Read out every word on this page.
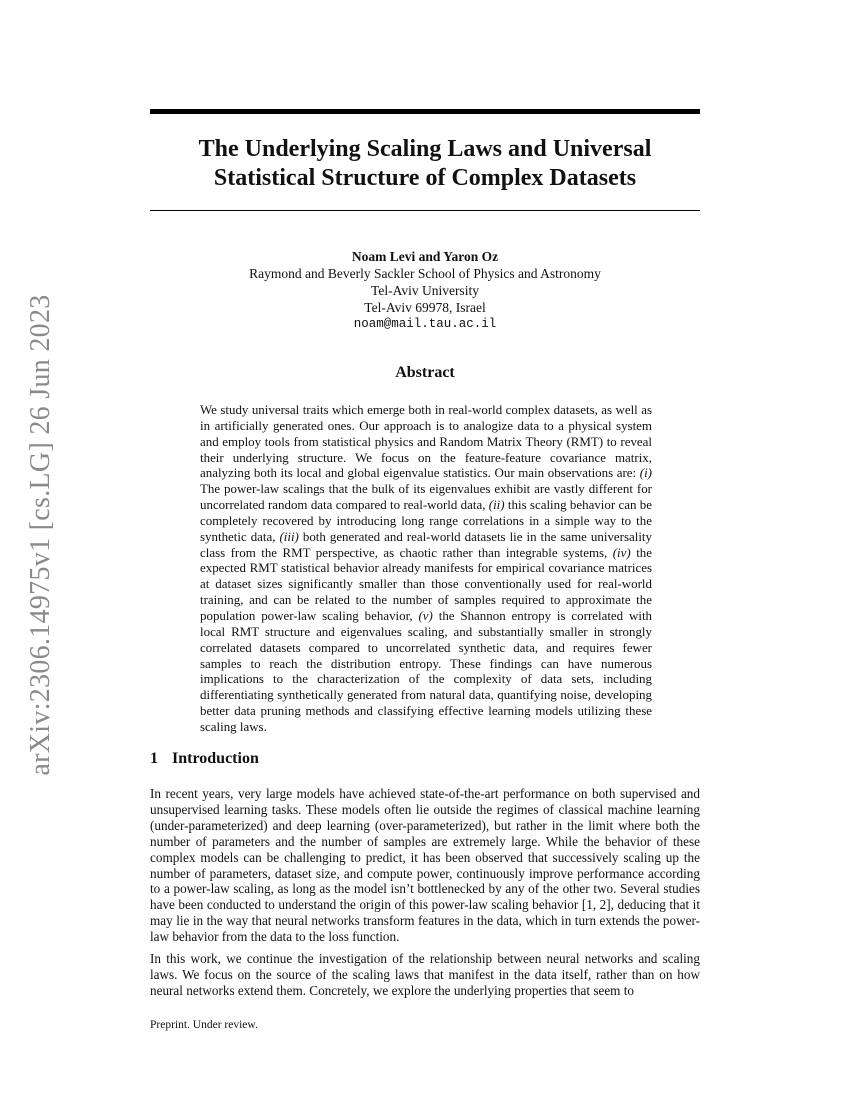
arXiv:2306.14975v1 [cs.LG] 26 Jun 2023
The Underlying Scaling Laws and Universal Statistical Structure of Complex Datasets
Noam Levi and Yaron Oz
Raymond and Beverly Sackler School of Physics and Astronomy
Tel-Aviv University
Tel-Aviv 69978, Israel
noam@mail.tau.ac.il
Abstract

We study universal traits which emerge both in real-world complex datasets, as well as in artificially generated ones. Our approach is to analogize data to a physical system and employ tools from statistical physics and Random Matrix Theory (RMT) to reveal their underlying structure. We focus on the feature-feature covariance matrix, analyzing both its local and global eigenvalue statistics. Our main observations are: (i) The power-law scalings that the bulk of its eigenvalues exhibit are vastly different for uncorrelated random data compared to real-world data, (ii) this scaling behavior can be completely recovered by introducing long range correlations in a simple way to the synthetic data, (iii) both generated and real-world datasets lie in the same universality class from the RMT perspective, as chaotic rather than integrable systems, (iv) the expected RMT statistical behavior already manifests for empirical covariance matrices at dataset sizes significantly smaller than those conventionally used for real-world training, and can be related to the number of samples required to approximate the population power-law scaling behavior, (v) the Shannon entropy is correlated with local RMT structure and eigenvalues scaling, and substantially smaller in strongly correlated datasets compared to uncorrelated synthetic data, and requires fewer samples to reach the distribution entropy. These findings can have numerous implications to the characterization of the complexity of data sets, including differentiating synthetically generated from natural data, quantifying noise, developing better data pruning methods and classifying effective learning models utilizing these scaling laws.

1 Introduction

In recent years, very large models have achieved state-of-the-art performance on both supervised and unsupervised learning tasks. These models often lie outside the regimes of classical machine learning (under-parameterized) and deep learning (over-parameterized), but rather in the limit where both the number of parameters and the number of samples are extremely large. While the behavior of these complex models can be challenging to predict, it has been observed that successively scaling up the number of parameters, dataset size, and compute power, continuously improve performance according to a power-law scaling, as long as the model isn’t bottlenecked by any of the other two. Several studies have been conducted to understand the origin of this power-law scaling behavior [1, 2], deducing that it may lie in the way that neural networks transform features in the data, which in turn extends the power-law behavior from the data to the loss function.

In this work, we continue the investigation of the relationship between neural networks and scaling laws. We focus on the source of the scaling laws that manifest in the data itself, rather than on how neural networks extend them. Concretely, we explore the underlying properties that seem to

Preprint. Under review.
